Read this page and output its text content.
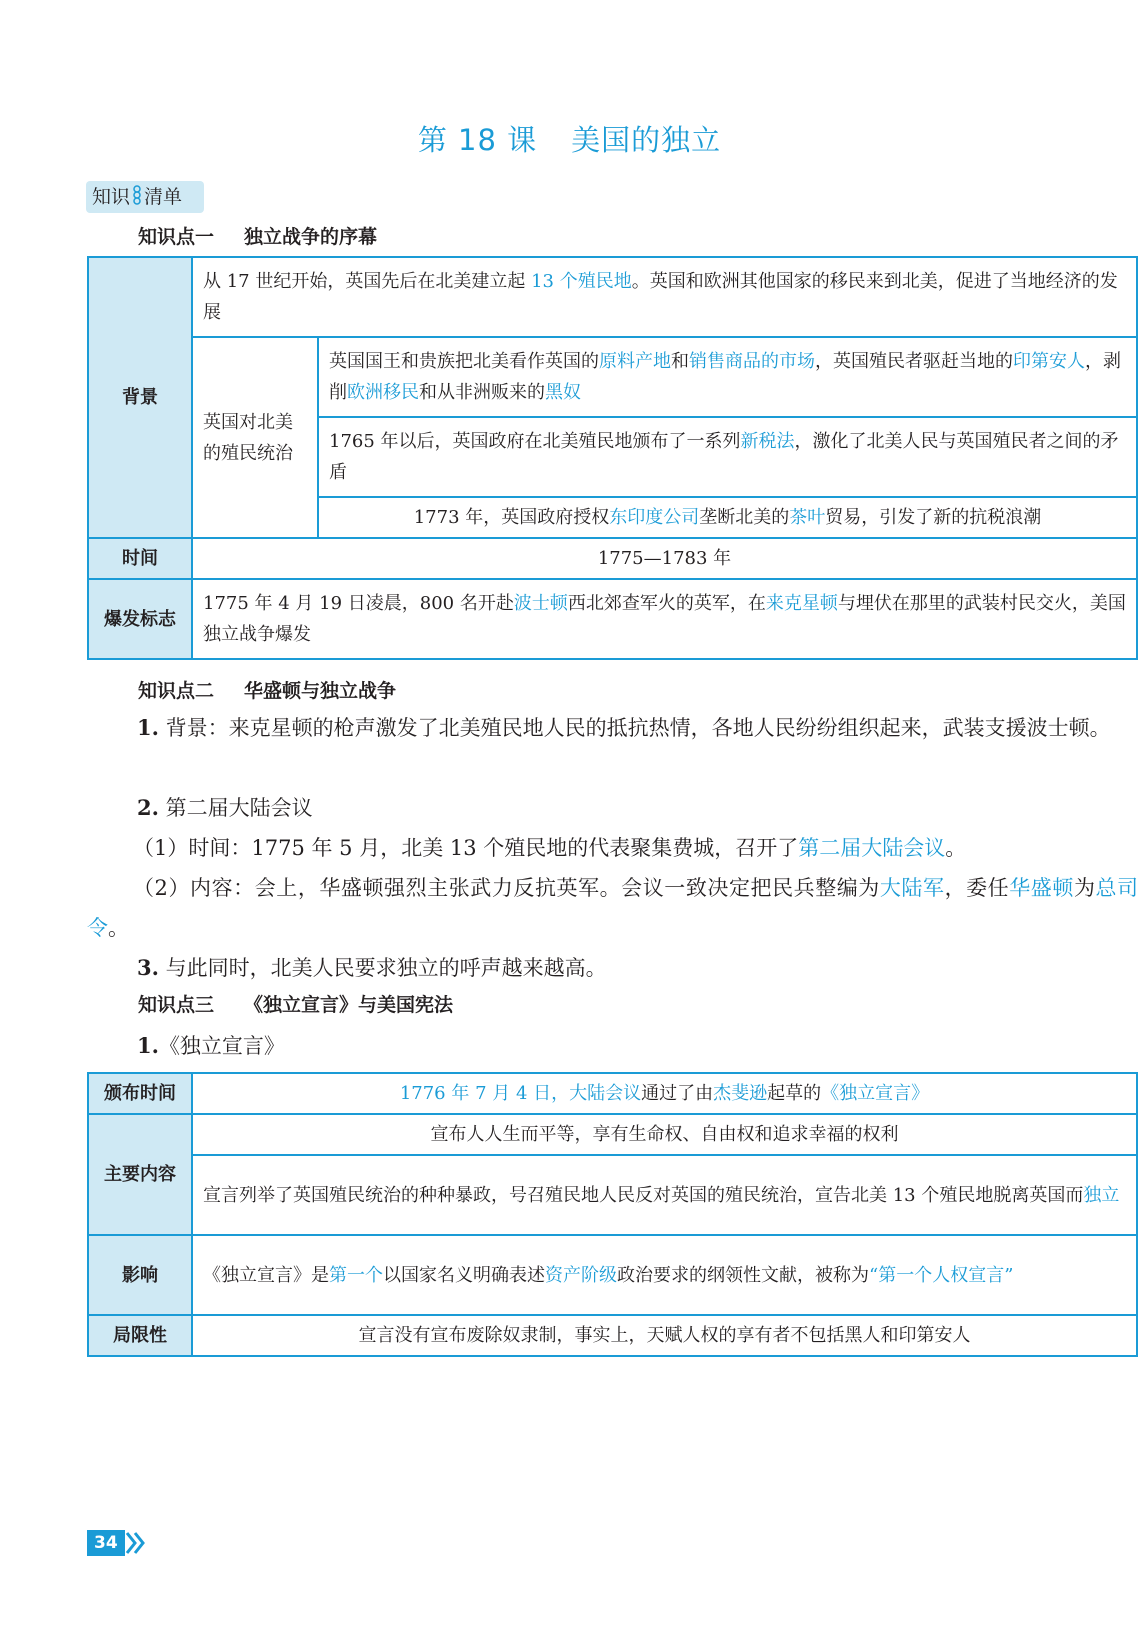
第 18 课 美国的独立
知识 清单
知识点一 独立战争的序幕
背景	从 17 世纪开始，英国先后在北美建立起 13 个殖民地。英国和欧洲其他国家的移民来到北美，促进了当地经济的发展	
	英国对北美的殖民统治	英国国王和贵族把北美看作英国的原料产地和销售商品的市场，英国殖民者驱赶当地的印第安人，剥削欧洲移民和从非洲贩来的黑奴
		1765 年以后，英国政府在北美殖民地颁布了一系列新税法，激化了北美人民与英国殖民者之间的矛盾
		1773 年，英国政府授权东印度公司垄断北美的茶叶贸易，引发了新的抗税浪潮
时间	1775—1783 年	
爆发标志	1775 年 4 月 19 日凌晨，800 名开赴波士顿西北郊查军火的英军，在来克星顿与埋伏在那里的武装村民交火，美国独立战争爆发	
知识点二 华盛顿与独立战争
1. 背景：来克星顿的枪声激发了北美殖民地人民的抵抗热情，各地人民纷纷组织起来，武装支援波士顿。
2. 第二届大陆会议
（1）时间：1775 年 5 月，北美 13 个殖民地的代表聚集费城，召开了第二届大陆会议。
（2）内容：会上，华盛顿强烈主张武力反抗英军。会议一致决定把民兵整编为大陆军，委任华盛顿为总司令。
3. 与此同时，北美人民要求独立的呼声越来越高。
知识点三 《独立宣言》与美国宪法
1.《独立宣言》
颁布时间	1776 年 7 月 4 日，大陆会议通过了由杰斐逊起草的《独立宣言》
主要内容	宣布人人生而平等，享有生命权、自由权和追求幸福的权利
	宣言列举了英国殖民统治的种种暴政，号召殖民地人民反对英国的殖民统治，宣告北美 13 个殖民地脱离英国而独立
影响	《独立宣言》是第一个以国家名义明确表述资产阶级政治要求的纲领性文献，被称为“第一个人权宣言”
局限性	宣言没有宣布废除奴隶制，事实上，天赋人权的享有者不包括黑人和印第安人
34
